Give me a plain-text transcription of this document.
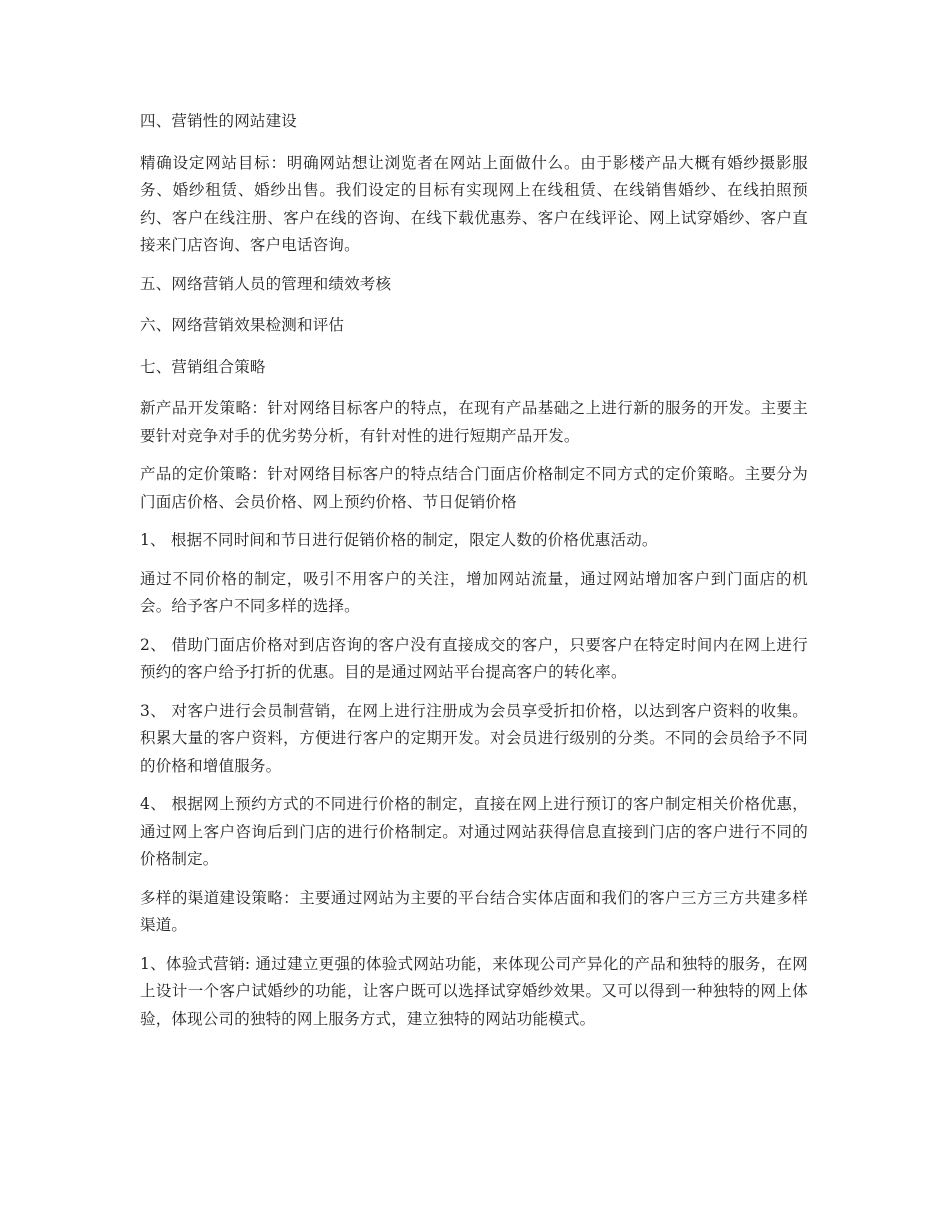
四、营销性的网站建设

精确设定网站目标：明确网站想让浏览者在网站上面做什么。由于影楼产品大概有婚纱摄影服务、婚纱租赁、婚纱出售。我们设定的目标有实现网上在线租赁、在线销售婚纱、在线拍照预约、客户在线注册、客户在线的咨询、在线下载优惠券、客户在线评论、网上试穿婚纱、客户直接来门店咨询、客户电话咨询。

五、网络营销人员的管理和绩效考核

六、网络营销效果检测和评估

七、营销组合策略

新产品开发策略：针对网络目标客户的特点，在现有产品基础之上进行新的服务的开发。主要主要针对竞争对手的优劣势分析，有针对性的进行短期产品开发。

产品的定价策略：针对网络目标客户的特点结合门面店价格制定不同方式的定价策略。主要分为门面店价格、会员价格、网上预约价格、节日促销价格

1、 根据不同时间和节日进行促销价格的制定，限定人数的价格优惠活动。

通过不同价格的制定，吸引不用客户的关注，增加网站流量，通过网站增加客户到门面店的机会。给予客户不同多样的选择。

2、 借助门面店价格对到店咨询的客户没有直接成交的客户，只要客户在特定时间内在网上进行预约的客户给予打折的优惠。目的是通过网站平台提高客户的转化率。

3、 对客户进行会员制营销，在网上进行注册成为会员享受折扣价格，以达到客户资料的收集。积累大量的客户资料，方便进行客户的定期开发。对会员进行级别的分类。不同的会员给予不同的价格和增值服务。

4、 根据网上预约方式的不同进行价格的制定，直接在网上进行预订的客户制定相关价格优惠，通过网上客户咨询后到门店的进行价格制定。对通过网站获得信息直接到门店的客户进行不同的价格制定。

多样的渠道建设策略：主要通过网站为主要的平台结合实体店面和我们的客户三方三方共建多样渠道。

1、体验式营销: 通过建立更强的体验式网站功能，来体现公司产异化的产品和独特的服务，在网上设计一个客户试婚纱的功能，让客户既可以选择试穿婚纱效果。又可以得到一种独特的网上体验，体现公司的独特的网上服务方式，建立独特的网站功能模式。
